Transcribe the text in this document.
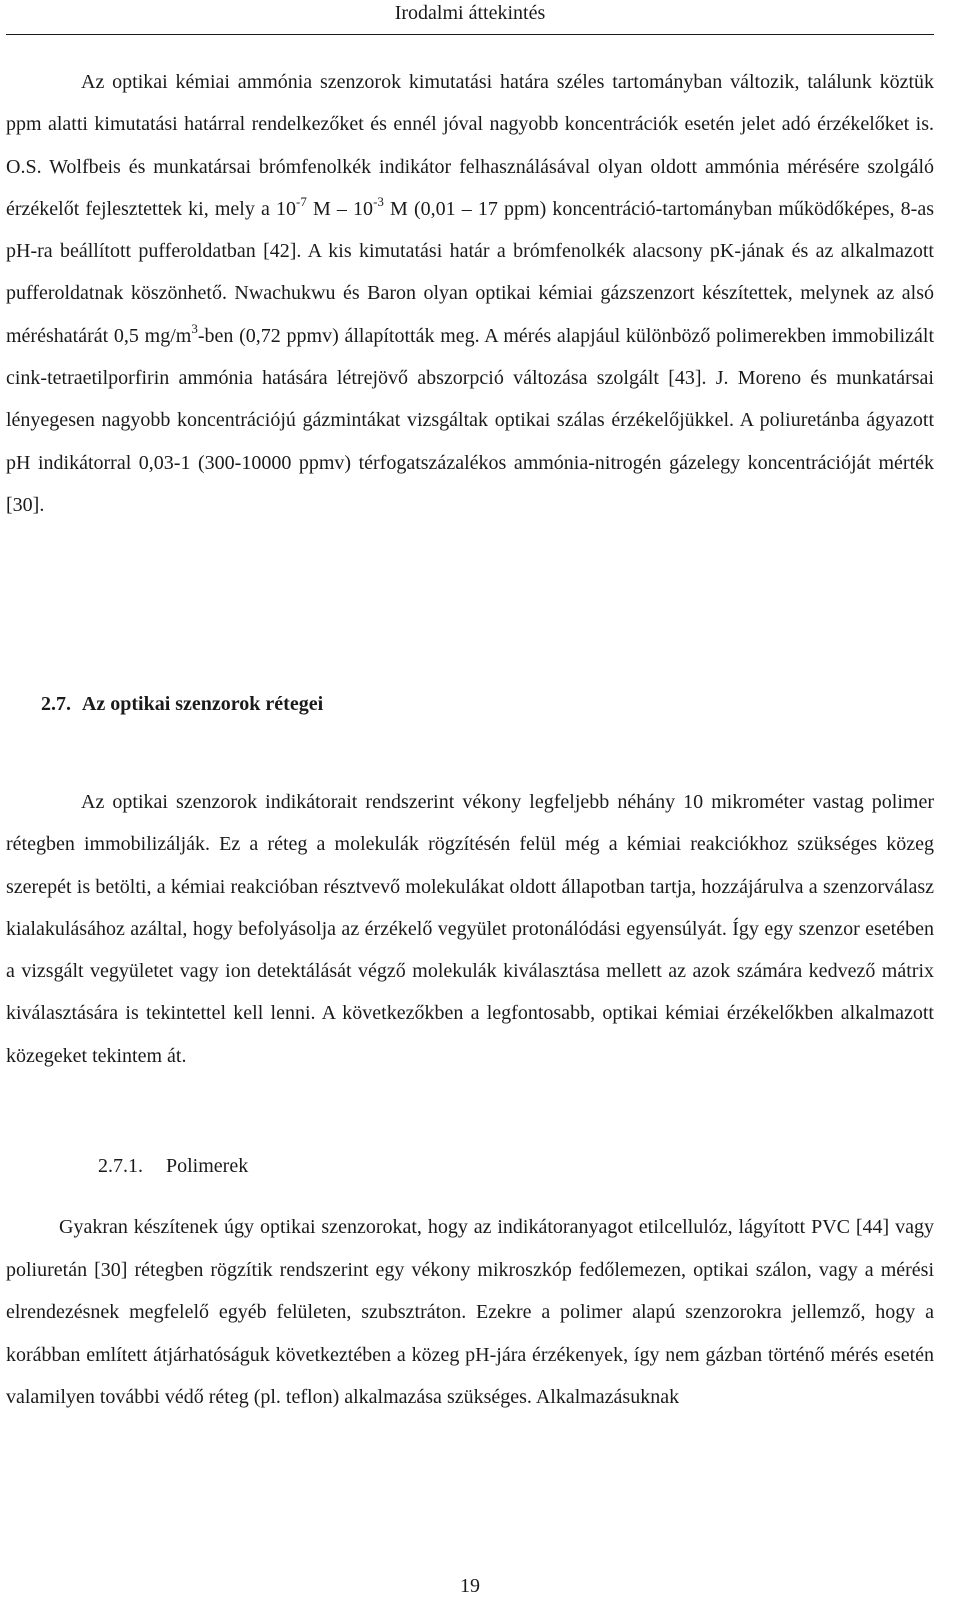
Irodalmi áttekintés

Az optikai kémiai ammónia szenzorok kimutatási határa széles tartományban változik, találunk köztük ppm alatti kimutatási határral rendelkezőket és ennél jóval nagyobb koncentrációk esetén jelet adó érzékelőket is. O.S. Wolfbeis és munkatársai brómfenolkék indikátor felhasználásával olyan oldott ammónia mérésére szolgáló érzékelőt fejlesztettek ki, mely a $10^{-7}$ M – $10^{-3}$ M (0,01 – 17 ppm) koncentráció-tartományban működőképes, 8-as pH-ra beállított pufferoldatban [42]. A kis kimutatási határ a brómfenolkék alacsony pK-jának és az alkalmazott pufferoldatnak köszönhető. Nwachukwu és Baron olyan optikai kémiai gázszenzort készítettek, melynek az alsó méréshatárát 0,5 $mg/m^3$-ben (0,72 ppmv) állapították meg. A mérés alapjául különböző polimerekben immobilizált cink-tetraetilporfirin ammónia hatására létrejövő abszorpció változása szolgált [43]. J. Moreno és munkatársai lényegesen nagyobb koncentrációjú gázmintákat vizsgáltak optikai szálas érzékelőjükkel. A poliuretánba ágyazott pH indikátorral 0,03-1 (300-10000 ppmv) térfogatszázalékos ammónia-nitrogén gázelegy koncentrációját mérték [30].

2.7. Az optikai szenzorok rétegei

Az optikai szenzorok indikátorait rendszerint vékony legfeljebb néhány 10 mikrométer vastag polimer rétegben immobilizálják. Ez a réteg a molekulák rögzítésén felül még a kémiai reakciókhoz szükséges közeg szerepét is betölti, a kémiai reakcióban résztvevő molekulákat oldott állapotban tartja, hozzájárulva a szenzorválasz kialakulásához azáltal, hogy befolyásolja az érzékelő vegyület protonálódási egyensúlyát. Így egy szenzor esetében a vizsgált vegyületet vagy ion detektálását végző molekulák kiválasztása mellett az azok számára kedvező mátrix kiválasztására is tekintettel kell lenni. A következőkben a legfontosabb, optikai kémiai érzékelőkben alkalmazott közegeket tekintem át.

2.7.1. Polimerek

Gyakran készítenek úgy optikai szenzorokat, hogy az indikátoranyagot etilcellulóz, lágyított PVC [44] vagy poliuretán [30] rétegben rögzítik rendszerint egy vékony mikroszkóp fedőlemezen, optikai szálon, vagy a mérési elrendezésnek megfelelő egyéb felületen, szubsztráton. Ezekre a polimer alapú szenzorokra jellemző, hogy a korábban említett átjárhatóságuk következtében a közeg pH-jára érzékenyek, így nem gázban történő mérés esetén valamilyen további védő réteg (pl. teflon) alkalmazása szükséges. Alkalmazásuknak

19
